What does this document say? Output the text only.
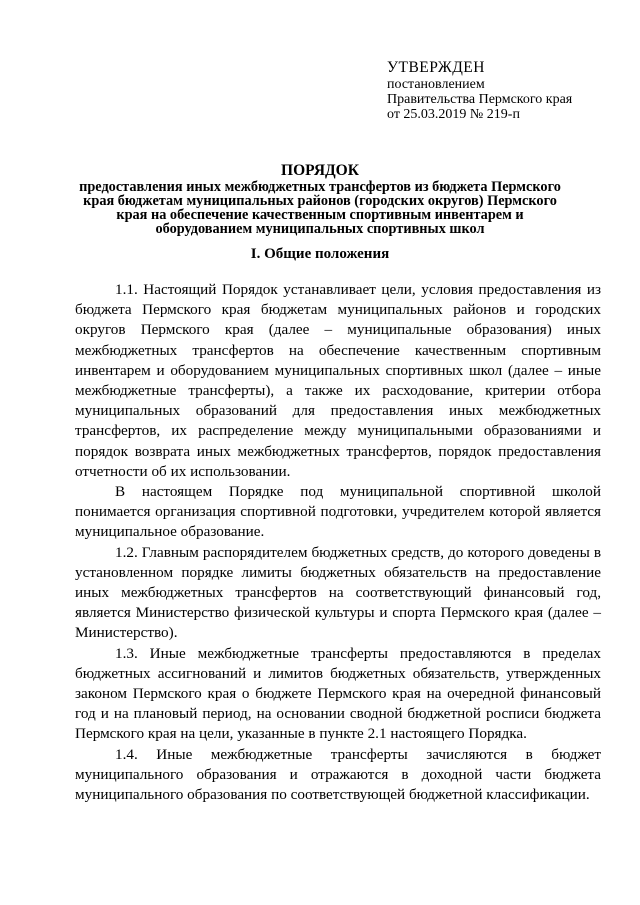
УТВЕРЖДЕН
постановлением
Правительства Пермского края
от 25.03.2019 № 219-п
ПОРЯДОК
предоставления иных межбюджетных трансфертов из бюджета Пермского края бюджетам муниципальных районов (городских округов) Пермского края на обеспечение качественным спортивным инвентарем и оборудованием муниципальных спортивных школ
I. Общие положения

1.1. Настоящий Порядок устанавливает цели, условия предоставления из бюджета Пермского края бюджетам муниципальных районов и городских округов Пермского края (далее – муниципальные образования) иных межбюджетных трансфертов на обеспечение качественным спортивным инвентарем и оборудованием муниципальных спортивных школ (далее – иные межбюджетные трансферты), а также их расходование, критерии отбора муниципальных образований для предоставления иных межбюджетных трансфертов, их распределение между муниципальными образованиями и порядок возврата иных межбюджетных трансфертов, порядок предоставления отчетности об их использовании.

В настоящем Порядке под муниципальной спортивной школой понимается организация спортивной подготовки, учредителем которой является муниципальное образование.

1.2. Главным распорядителем бюджетных средств, до которого доведены в установленном порядке лимиты бюджетных обязательств на предоставление иных межбюджетных трансфертов на соответствующий финансовый год, является Министерство физической культуры и спорта Пермского края (далее – Министерство).

1.3. Иные межбюджетные трансферты предоставляются в пределах бюджетных ассигнований и лимитов бюджетных обязательств, утвержденных законом Пермского края о бюджете Пермского края на очередной финансовый год и на плановый период, на основании сводной бюджетной росписи бюджета Пермского края на цели, указанные в пункте 2.1 настоящего Порядка.

1.4. Иные межбюджетные трансферты зачисляются в бюджет муниципального образования и отражаются в доходной части бюджета муниципального образования по соответствующей бюджетной классификации.
